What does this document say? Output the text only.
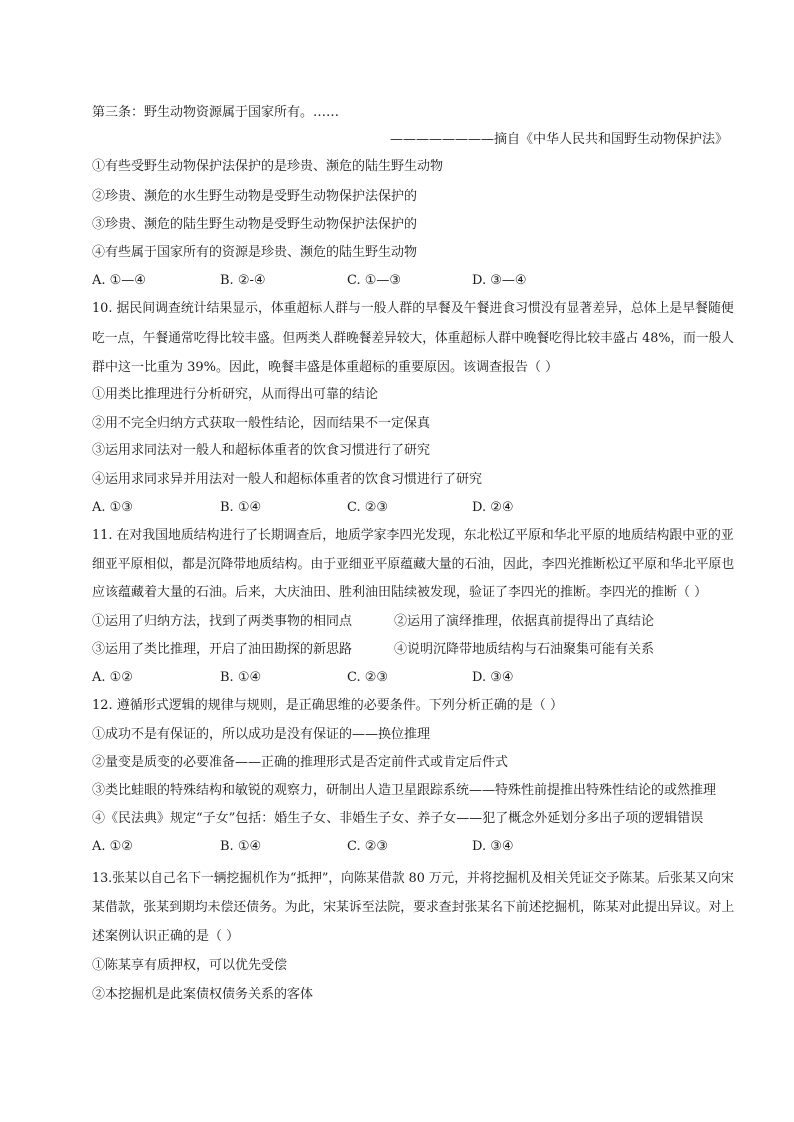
第三条：野生动物资源属于国家所有。……
————————摘自《中华人民共和国野生动物保护法》
①有些受野生动物保护法保护的是珍贵、濒危的陆生野生动物
②珍贵、濒危的水生野生动物是受野生动物保护法保护的
③珍贵、濒危的陆生野生动物是受野生动物保护法保护的
④有些属于国家所有的资源是珍贵、濒危的陆生野生动物
A. ①—④	B. ②-④	C. ①—③	D. ③—④
10. 据民间调查统计结果显示，体重超标人群与一般人群的早餐及午餐进食习惯没有显著差异，总体上是早餐随便
吃一点，午餐通常吃得比较丰盛。但两类人群晚餐差异较大，体重超标人群中晚餐吃得比较丰盛占 48%，而一般人
群中这一比重为 39%。因此，晚餐丰盛是体重超标的重要原因。该调查报告（ ）
①用类比推理进行分析研究，从而得出可靠的结论
②用不完全归纳方式获取一般性结论，因而结果不一定保真
③运用求同法对一般人和超标体重者的饮食习惯进行了研究
④运用求同求异并用法对一般人和超标体重者的饮食习惯进行了研究
A. ①③	B. ①④	C. ②③	D. ②④
11. 在对我国地质结构进行了长期调查后，地质学家李四光发现，东北松辽平原和华北平原的地质结构跟中亚的亚
细亚平原相似，都是沉降带地质结构。由于亚细亚平原蕴藏大量的石油，因此，李四光推断松辽平原和华北平原也
应该蕴藏着大量的石油。后来，大庆油田、胜利油田陆续被发现，验证了李四光的推断。李四光的推断（ ）
①运用了归纳方法，找到了两类事物的相同点	②运用了演绎推理，依据真前提得出了真结论
③运用了类比推理，开启了油田勘探的新思路	④说明沉降带地质结构与石油聚集可能有关系
A. ①②	B. ①④	C. ②③	D. ③④
12. 遵循形式逻辑的规律与规则，是正确思维的必要条件。下列分析正确的是（ ）
①成功不是有保证的，所以成功是没有保证的——换位推理
②量变是质变的必要准备——正确的推理形式是否定前件式或肯定后件式
③类比蛙眼的特殊结构和敏锐的观察力，研制出人造卫星跟踪系统——特殊性前提推出特殊性结论的或然推理
④《民法典》规定“子女”包括：婚生子女、非婚生子女、养子女——犯了概念外延划分多出子项的逻辑错误
A. ①②	B. ①④	C. ②③	D. ③④
13.张某以自己名下一辆挖掘机作为“抵押”，向陈某借款 80 万元，并将挖掘机及相关凭证交予陈某。后张某又向宋
某借款，张某到期均未偿还债务。为此，宋某诉至法院，要求查封张某名下前述挖掘机，陈某对此提出异议。对上
述案例认识正确的是（ ）
①陈某享有质押权，可以优先受偿
②本挖掘机是此案债权债务关系的客体
